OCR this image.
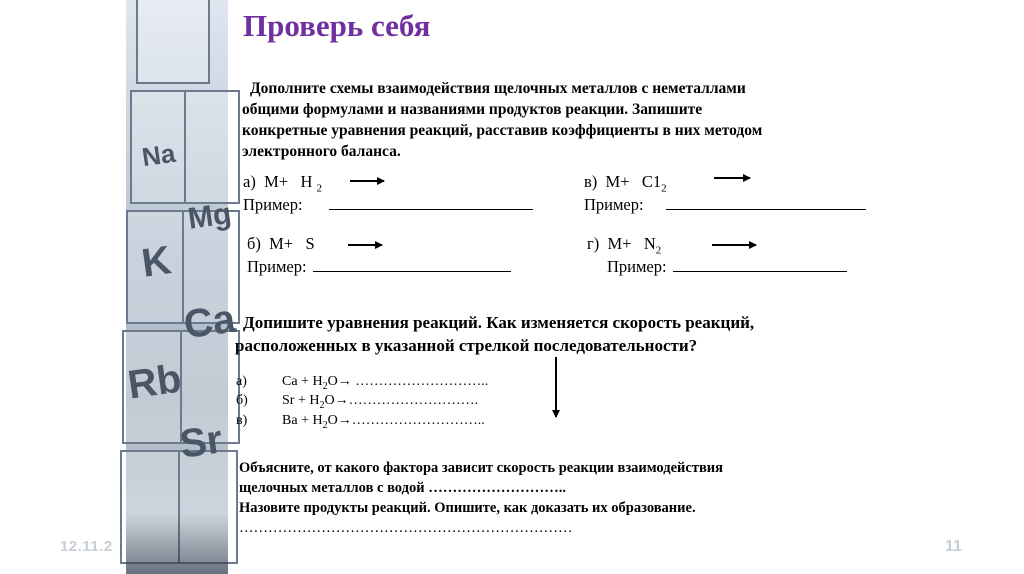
Na
Mg
K
Ca
Rb
Sr
12.11.2	11
Проверь себя
Дополните схемы взаимодействия щелочных металлов с неметаллами
общими формулами и названиями продуктов реакции. Запишите
конкретные уравнения реакций, расставив коэффициенты в них методом
электронного баланса.
а) M+ H $_2$
Пример:
в) $M+ C1_2$
Пример:
б) M+ S
Пример:
г) $M+ N_2$
Пример:
Допишите уравнения реакций. Как изменяется скорость реакций,
расположенных в указанной стрелкой последовательности?
а)	$Ca + H_2O\to$ ………………………..
б) $Sr + H_2O\to\dots\dots\dots\dots\dots\dots\dots\dots\dots$.
в) $Ba + H_2O\to\dots\dots\dots\dots\dots\dots\dots\dots\dots$..
Объясните, от какого фактора зависит скорость реакции взаимодействия
щелочных металлов с водой ………………………..
Назовите продукты реакций. Опишите, как доказать их образование.
……………………………………………………………
